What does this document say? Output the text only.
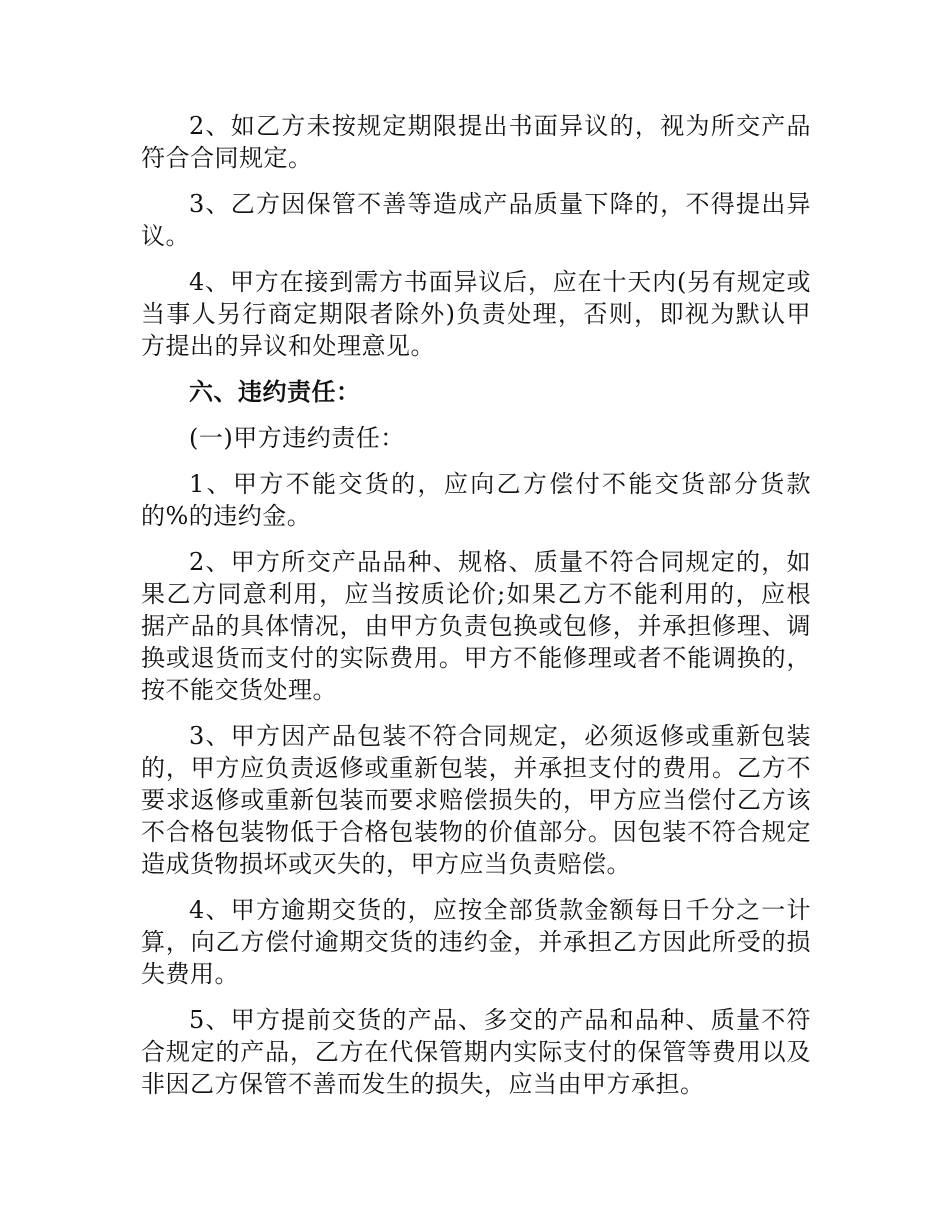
2、如乙方未按规定期限提出书面异议的，视为所交产品符合合同规定。

3、乙方因保管不善等造成产品质量下降的，不得提出异议。

4、甲方在接到需方书面异议后，应在十天内(另有规定或当事人另行商定期限者除外)负责处理，否则，即视为默认甲方提出的异议和处理意见。

六、违约责任：

(一)甲方违约责任：

1、甲方不能交货的，应向乙方偿付不能交货部分货款的%的违约金。

2、甲方所交产品品种、规格、质量不符合同规定的，如果乙方同意利用，应当按质论价;如果乙方不能利用的，应根据产品的具体情况，由甲方负责包换或包修，并承担修理、调换或退货而支付的实际费用。甲方不能修理或者不能调换的，按不能交货处理。

3、甲方因产品包装不符合同规定，必须返修或重新包装的，甲方应负责返修或重新包装，并承担支付的费用。乙方不要求返修或重新包装而要求赔偿损失的，甲方应当偿付乙方该不合格包装物低于合格包装物的价值部分。因包装不符合规定造成货物损坏或灭失的，甲方应当负责赔偿。

4、甲方逾期交货的，应按全部货款金额每日千分之一计算，向乙方偿付逾期交货的违约金，并承担乙方因此所受的损失费用。

5、甲方提前交货的产品、多交的产品和品种、质量不符合规定的产品，乙方在代保管期内实际支付的保管等费用以及非因乙方保管不善而发生的损失，应当由甲方承担。
